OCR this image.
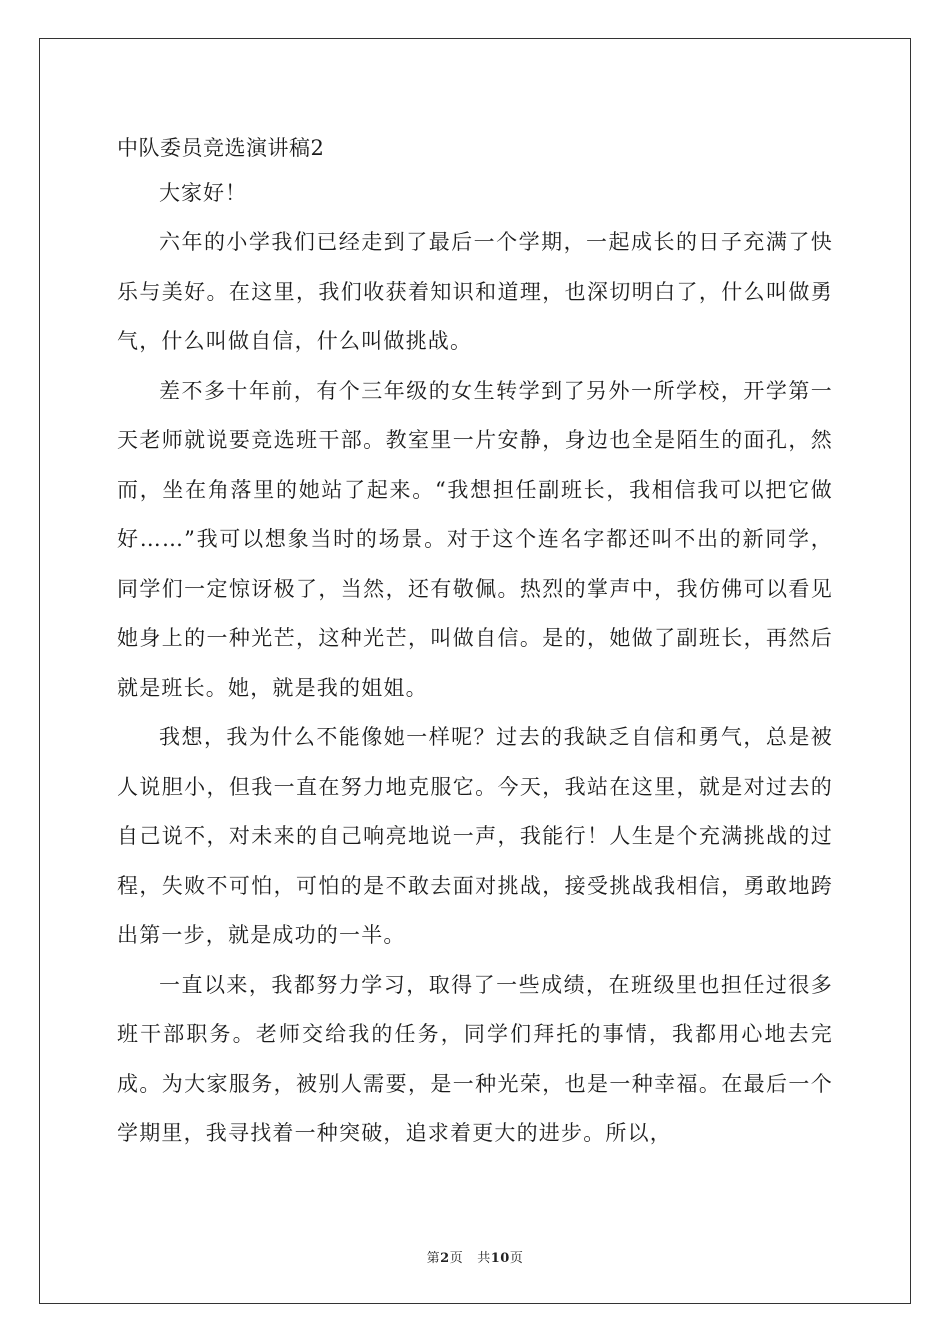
中队委员竞选演讲稿2

大家好！

六年的小学我们已经走到了最后一个学期，一起成长的日子充满了快乐与美好。在这里，我们收获着知识和道理，也深切明白了，什么叫做勇气，什么叫做自信，什么叫做挑战。

差不多十年前，有个三年级的女生转学到了另外一所学校，开学第一天老师就说要竞选班干部。教室里一片安静，身边也全是陌生的面孔，然而，坐在角落里的她站了起来。“我想担任副班长，我相信我可以把它做好……”我可以想象当时的场景。对于这个连名字都还叫不出的新同学，同学们一定惊讶极了，当然，还有敬佩。热烈的掌声中，我仿佛可以看见她身上的一种光芒，这种光芒，叫做自信。是的，她做了副班长，再然后就是班长。她，就是我的姐姐。

我想，我为什么不能像她一样呢？过去的我缺乏自信和勇气，总是被人说胆小，但我一直在努力地克服它。今天，我站在这里，就是对过去的自己说不，对未来的自己响亮地说一声，我能行！人生是个充满挑战的过程，失败不可怕，可怕的是不敢去面对挑战，接受挑战我相信，勇敢地跨出第一步，就是成功的一半。

一直以来，我都努力学习，取得了一些成绩，在班级里也担任过很多班干部职务。老师交给我的任务，同学们拜托的事情，我都用心地去完成。为大家服务，被别人需要，是一种光荣，也是一种幸福。在最后一个学期里，我寻找着一种突破，追求着更大的进步。所以，

第2页 共10页
